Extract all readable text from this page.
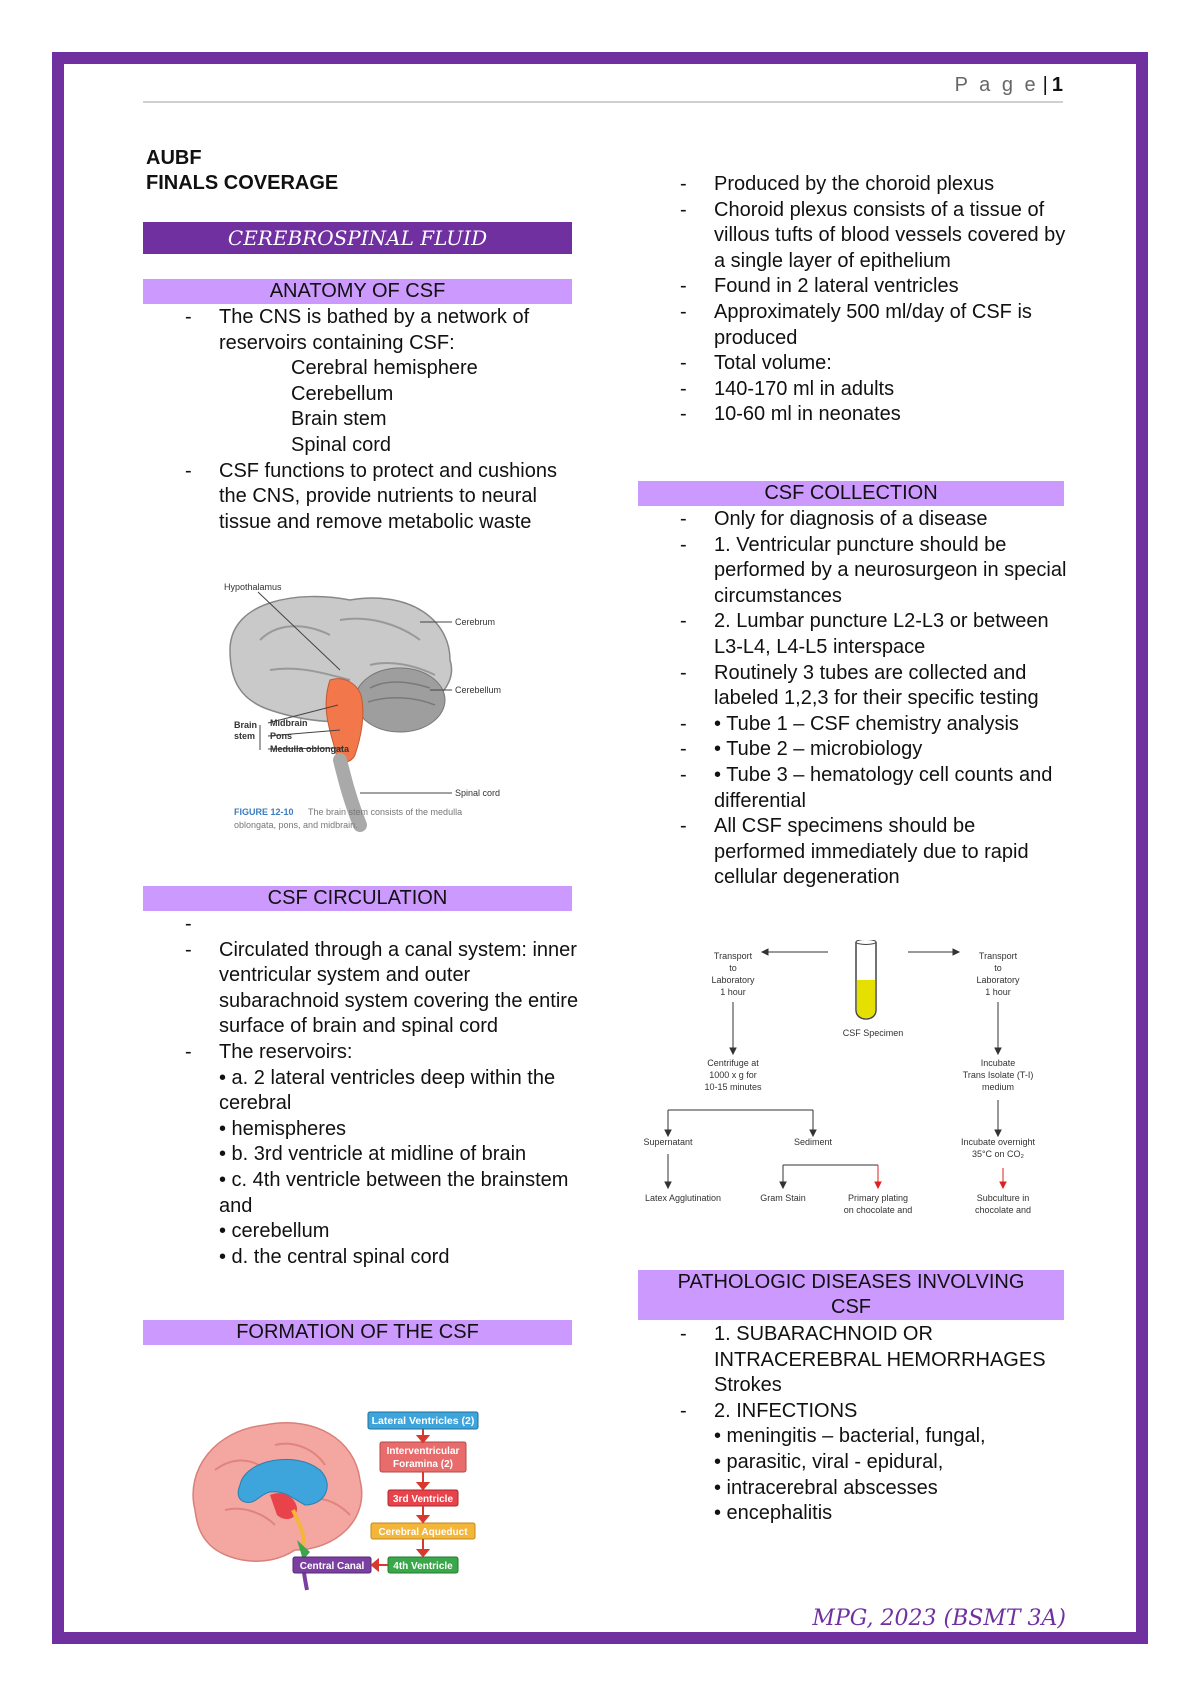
P a g e | 1
AUBF
FINALS COVERAGE
CEREBROSPINAL FLUID
ANATOMY OF CSF
- The CNS is bathed by a network of reservoirs containing CSF:
Cerebral hemisphere
Cerebellum
Brain stem
Spinal cord
- CSF functions to protect and cushions the CNS, provide nutrients to neural tissue and remove metabolic waste
Hypothalamus
Cerebrum
Cerebellum
Brain
stem
Midbrain
Pons
Medulla oblongata
Spinal cord
FIGURE 12-10 The brain stem consists of the medulla
oblongata, pons, and midbrain.
CSF CIRCULATION
-
- Circulated through a canal system: inner ventricular system and outer subarachnoid system covering the entire surface of brain and spinal cord
- The reservoirs:
• a. 2 lateral ventricles deep within the cerebral
• hemispheres
• b. 3rd ventricle at midline of brain
• c. 4th ventricle between the brainstem and
• cerebellum
• d. the central spinal cord
FORMATION OF THE CSF
Lateral Ventricles (2)
Interventricular
Foramina (2)
3rd Ventricle
Cerebral Aqueduct
4th Ventricle
Central Canal
- Produced by the choroid plexus
- Choroid plexus consists of a tissue of villous tufts of blood vessels covered by a single layer of epithelium
- Found in 2 lateral ventricles
- Approximately 500 ml/day of CSF is produced
- Total volume:
- 140-170 ml in adults
- 10-60 ml in neonates
CSF COLLECTION
- Only for diagnosis of a disease
- 1. Ventricular puncture should be performed by a neurosurgeon in special circumstances
- 2. Lumbar puncture L2-L3 or between L3-L4, L4-L5 interspace
- Routinely 3 tubes are collected and labeled 1,2,3 for their specific testing
- • Tube 1 – CSF chemistry analysis
- • Tube 2 – microbiology
- • Tube 3 – hematology cell counts and differential
- All CSF specimens should be performed immediately due to rapid cellular degeneration
Transport
to
Laboratory
1 hour
Transport
to
Laboratory
1 hour
CSF Specimen
Centrifuge at
1000 x g for
10-15 minutes
Incubate
Trans Isolate (T-I)
medium
Supernatant	Sediment	Incubate overnight
35°C on CO₂
Latex Agglutination	Gram Stain	Primary plating
on chocolate and
Subculture in
chocolate and
PATHOLOGIC DISEASES INVOLVING
CSF
- 1. SUBARACHNOID OR INTRACEREBRAL HEMORRHAGES
Strokes
- 2. INFECTIONS
• meningitis – bacterial, fungal,
• parasitic, viral - epidural,
• intracerebral abscesses
• encephalitis
MPG, 2023 (BSMT 3A)
